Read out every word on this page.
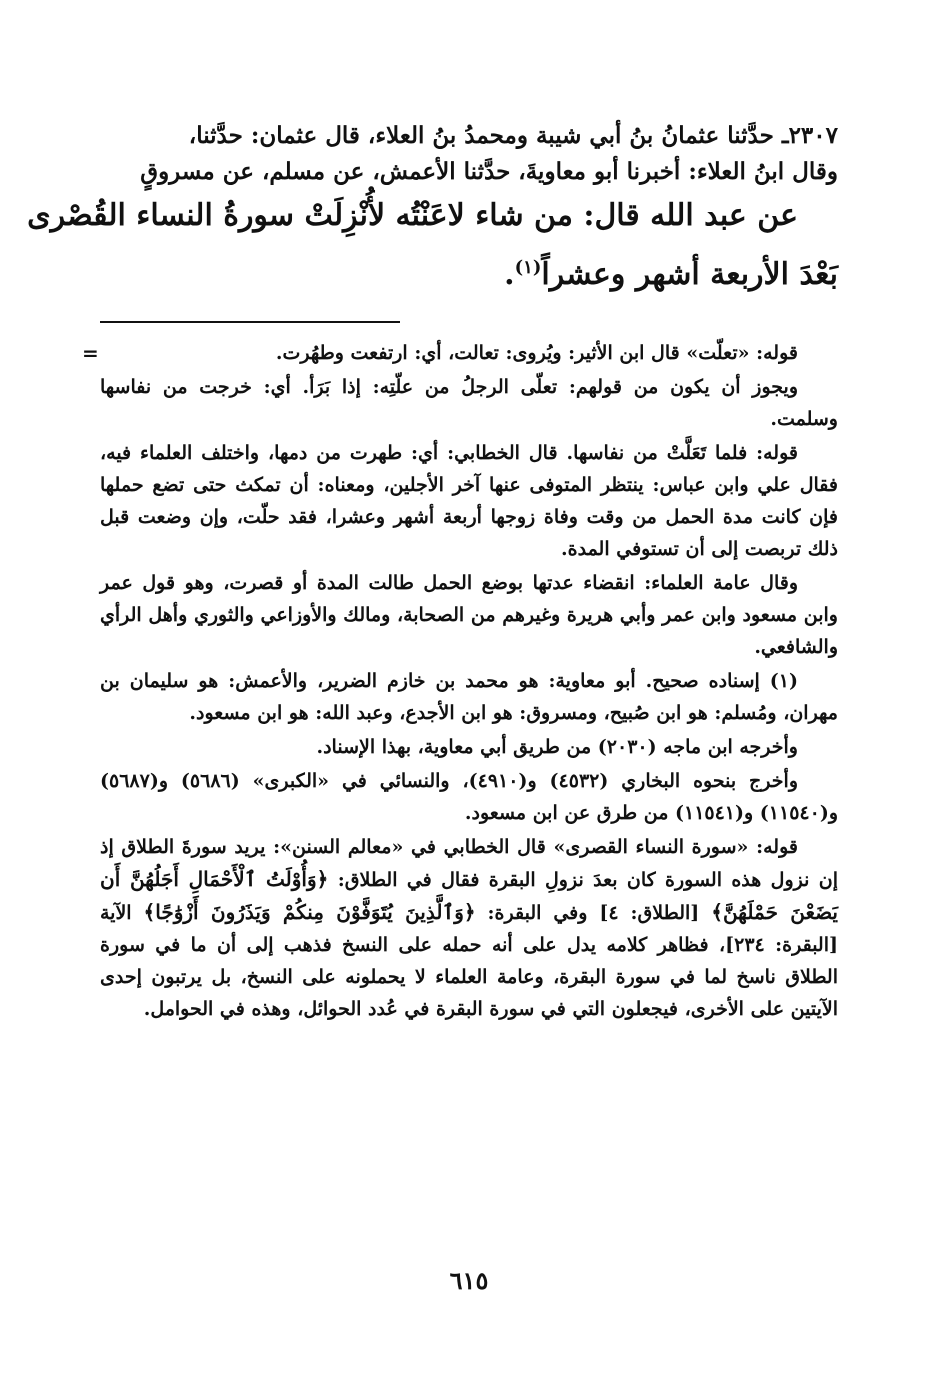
٢٣٠٧ـ حدَّثنا عثمانُ بنُ أبي شيبة ومحمدُ بنُ العلاء، قال عثمان: حدَّثنا،

وقال ابنُ العلاء: أخبرنا أبو معاويةَ، حدَّثنا الأعمش، عن مسلم، عن مسروقٍ

عن عبد الله قال: من شاء لاعَنْتُه لأُنْزِلَتْ سورةُ النساء القُصْرى

بَعْدَ الأربعة أشهر وعشراً$^{(١)}$.

=	قوله: «تعلّت» قال ابن الأثير: ويُروى: تعالت، أي: ارتفعت وطهُرت.

ويجوز أن يكون من قولهم: تعلّى الرجلُ من علّتِه: إذا بَرَأ. أي: خرجت من نفاسها وسلمت.

قوله: فلما تَعَلَّتْ من نفاسها. قال الخطابي: أي: طهرت من دمها، واختلف العلماء فيه، فقال علي وابن عباس: ينتظر المتوفى عنها آخر الأجلين، ومعناه: أن تمكث حتى تضع حملها فإن كانت مدة الحمل من وقت وفاة زوجها أربعة أشهر وعشرا، فقد حلّت، وإن وضعت قبل ذلك تربصت إلى أن تستوفي المدة.

وقال عامة العلماء: انقضاء عدتها بوضع الحمل طالت المدة أو قصرت، وهو قول عمر وابن مسعود وابن عمر وأبي هريرة وغيرهم من الصحابة، ومالك والأوزاعي والثوري وأهل الرأي والشافعي.

(١) إسناده صحيح. أبو معاوية: هو محمد بن خازم الضرير، والأعمش: هو سليمان بن مهران، ومُسلم: هو ابن صُبيح، ومسروق: هو ابن الأجدع، وعبد الله: هو ابن مسعود.

وأخرجه ابن ماجه (٢٠٣٠) من طريق أبي معاوية، بهذا الإسناد.

وأخرج بنحوه البخاري (٤٥٣٢) و(٤٩١٠)، والنسائي في «الكبرى» (٥٦٨٦) و(٥٦٨٧) و(١١٥٤٠) و(١١٥٤١) من طرق عن ابن مسعود.

قوله: «سورة النساء القصرى» قال الخطابي في «معالم السنن»: يريد سورةَ الطلاق إذ إن نزول هذه السورة كان بعدَ نزولِ البقرة فقال في الطلاق: ﴿وَأُوْلَتُ ٱلْأَحْمَالِ أَجَلُهُنَّ أَن يَضَعْنَ حَمْلَهُنَّ﴾ [الطلاق: ٤] وفي البقرة: ﴿وَٱلَّذِينَ يُتَوَفَّوْنَ مِنكُمْ وَيَذَرُونَ أَزْوَٰجًا﴾ الآية [البقرة: ٢٣٤]، فظاهر كلامه يدل على أنه حمله على النسخ فذهب إلى أن ما في سورة الطلاق ناسخ لما في سورة البقرة، وعامة العلماء لا يحملونه على النسخ، بل يرتبون إحدى الآيتين على الأخرى، فيجعلون التي في سورة البقرة في عُدد الحوائل، وهذه في الحوامل.

٦١٥
